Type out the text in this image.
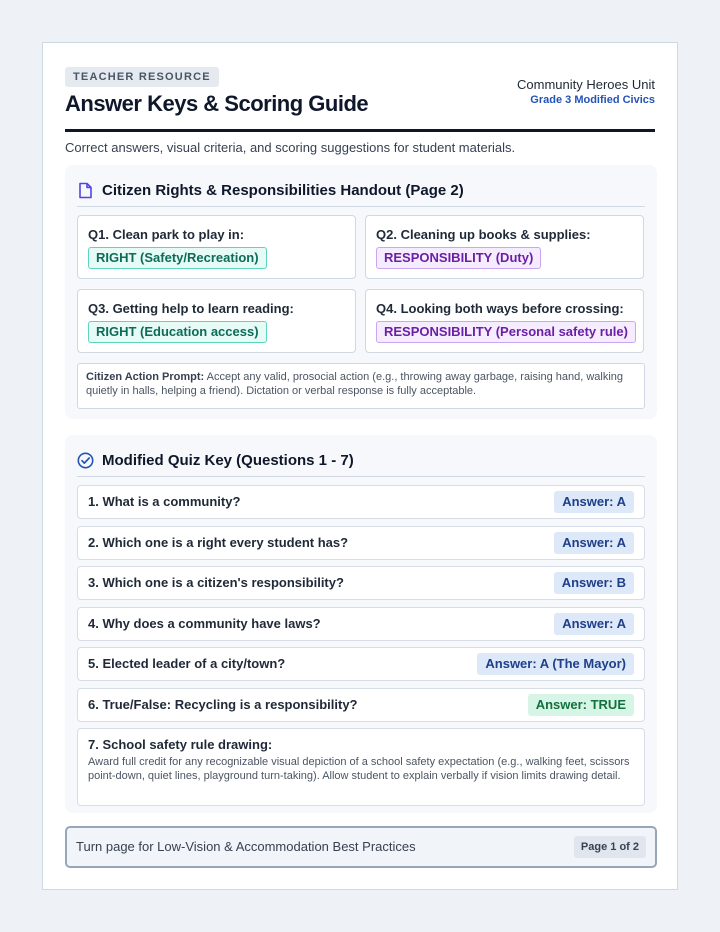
TEACHER RESOURCE
Answer Keys & Scoring Guide
Community Heroes Unit
Grade 3 Modified Civics
Correct answers, visual criteria, and scoring suggestions for student materials.
Citizen Rights & Responsibilities Handout (Page 2)
Q1. Clean park to play in:
RIGHT (Safety/Recreation)
Q2. Cleaning up books & supplies:
RESPONSIBILITY (Duty)
Q3. Getting help to learn reading:
RIGHT (Education access)
Q4. Looking both ways before crossing:
RESPONSIBILITY (Personal safety rule)
Citizen Action Prompt: Accept any valid, prosocial action (e.g., throwing away garbage, raising hand, walking quietly in halls, helping a friend). Dictation or verbal response is fully acceptable.
Modified Quiz Key (Questions 1 - 7)
1. What is a community?	Answer: A
2. Which one is a right every student has?	Answer: A
3. Which one is a citizen's responsibility?	Answer: B
4. Why does a community have laws?	Answer: A
5. Elected leader of a city/town?	Answer: A (The Mayor)
6. True/False: Recycling is a responsibility?	Answer: TRUE
7. School safety rule drawing:
Award full credit for any recognizable visual depiction of a school safety expectation (e.g., walking feet, scissors point-down, quiet lines, playground turn-taking). Allow student to explain verbally if vision limits drawing detail.
Turn page for Low-Vision & Accommodation Best Practices	Page 1 of 2
